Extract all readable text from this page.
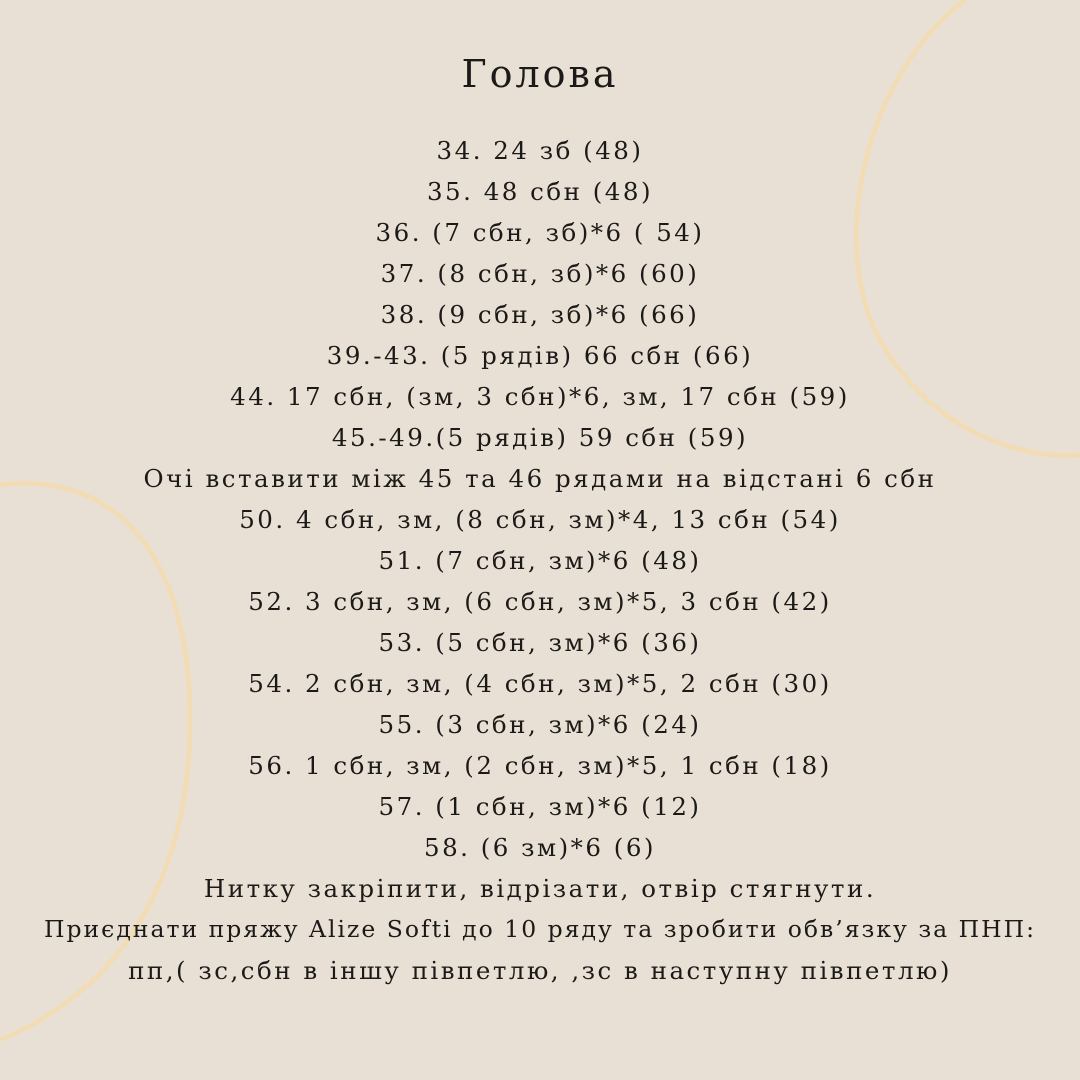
Голова
34. 24 зб (48)
35. 48 сбн (48)
36. (7 сбн, зб)*6 ( 54)
37. (8 сбн, зб)*6 (60)
38. (9 сбн, зб)*6 (66)
39.-43. (5 рядів) 66 сбн (66)
44. 17 сбн, (зм, 3 сбн)*6, зм, 17 сбн (59)
45.-49.(5 рядів) 59 сбн (59)
Очі вставити між 45 та 46 рядами на відстані 6 сбн
50. 4 сбн, зм, (8 сбн, зм)*4, 13 сбн (54)
51. (7 сбн, зм)*6 (48)
52. 3 сбн, зм, (6 сбн, зм)*5, 3 сбн (42)
53. (5 сбн, зм)*6 (36)
54. 2 сбн, зм, (4 сбн, зм)*5, 2 сбн (30)
55. (3 сбн, зм)*6 (24)
56. 1 сбн, зм, (2 сбн, зм)*5, 1 сбн (18)
57. (1 сбн, зм)*6 (12)
58. (6 зм)*6 (6)
Нитку закріпити, відрізати, отвір стягнути.
Приєднати пряжу Alize Softi до 10 ряду та зробити обв’язку за ПНП:
пп,( зс,сбн в іншу півпетлю, ,зс в наступну півпетлю)
